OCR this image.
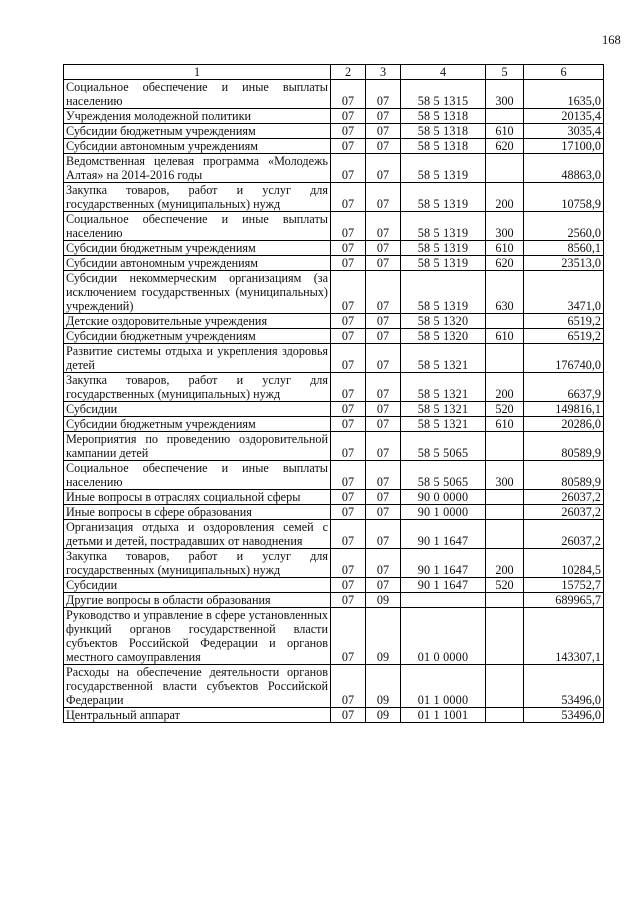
168
1	2	3	4	5	6
Социальное обеспечение и иные выплаты населению	07	07	58 5 1315	300	1635,0
Учреждения молодежной политики	07	07	58 5 1318		20135,4
Субсидии бюджетным учреждениям	07	07	58 5 1318	610	3035,4
Субсидии автономным учреждениям	07	07	58 5 1318	620	17100,0
Ведомственная целевая программа «Молодежь Алтая» на 2014-2016 годы	07	07	58 5 1319		48863,0
Закупка товаров, работ и услуг для государственных (муниципальных) нужд	07	07	58 5 1319	200	10758,9
Социальное обеспечение и иные выплаты населению	07	07	58 5 1319	300	2560,0
Субсидии бюджетным учреждениям	07	07	58 5 1319	610	8560,1
Субсидии автономным учреждениям	07	07	58 5 1319	620	23513,0
Субсидии некоммерческим организациям (за исключением государственных (муниципальных) учреждений)	07	07	58 5 1319	630	3471,0
Детские оздоровительные учреждения	07	07	58 5 1320		6519,2
Субсидии бюджетным учреждениям	07	07	58 5 1320	610	6519,2
Развитие системы отдыха и укрепления здоровья детей	07	07	58 5 1321		176740,0
Закупка товаров, работ и услуг для государственных (муниципальных) нужд	07	07	58 5 1321	200	6637,9
Субсидии	07	07	58 5 1321	520	149816,1
Субсидии бюджетным учреждениям	07	07	58 5 1321	610	20286,0
Мероприятия по проведению оздоровительной кампании детей	07	07	58 5 5065		80589,9
Социальное обеспечение и иные выплаты населению	07	07	58 5 5065	300	80589,9
Иные вопросы в отраслях социальной сферы	07	07	90 0 0000		26037,2
Иные вопросы в сфере образования	07	07	90 1 0000		26037,2
Организация отдыха и оздоровления семей с детьми и детей, пострадавших от наводнения	07	07	90 1 1647		26037,2
Закупка товаров, работ и услуг для государственных (муниципальных) нужд	07	07	90 1 1647	200	10284,5
Субсидии	07	07	90 1 1647	520	15752,7
Другие вопросы в области образования	07	09			689965,7
Руководство и управление в сфере установленных функций органов государственной власти субъектов Российской Федерации и органов местного самоуправления	07	09	01 0 0000		143307,1
Расходы на обеспечение деятельности органов государственной власти субъектов Российской Федерации	07	09	01 1 0000		53496,0
Центральный аппарат	07	09	01 1 1001		53496,0
